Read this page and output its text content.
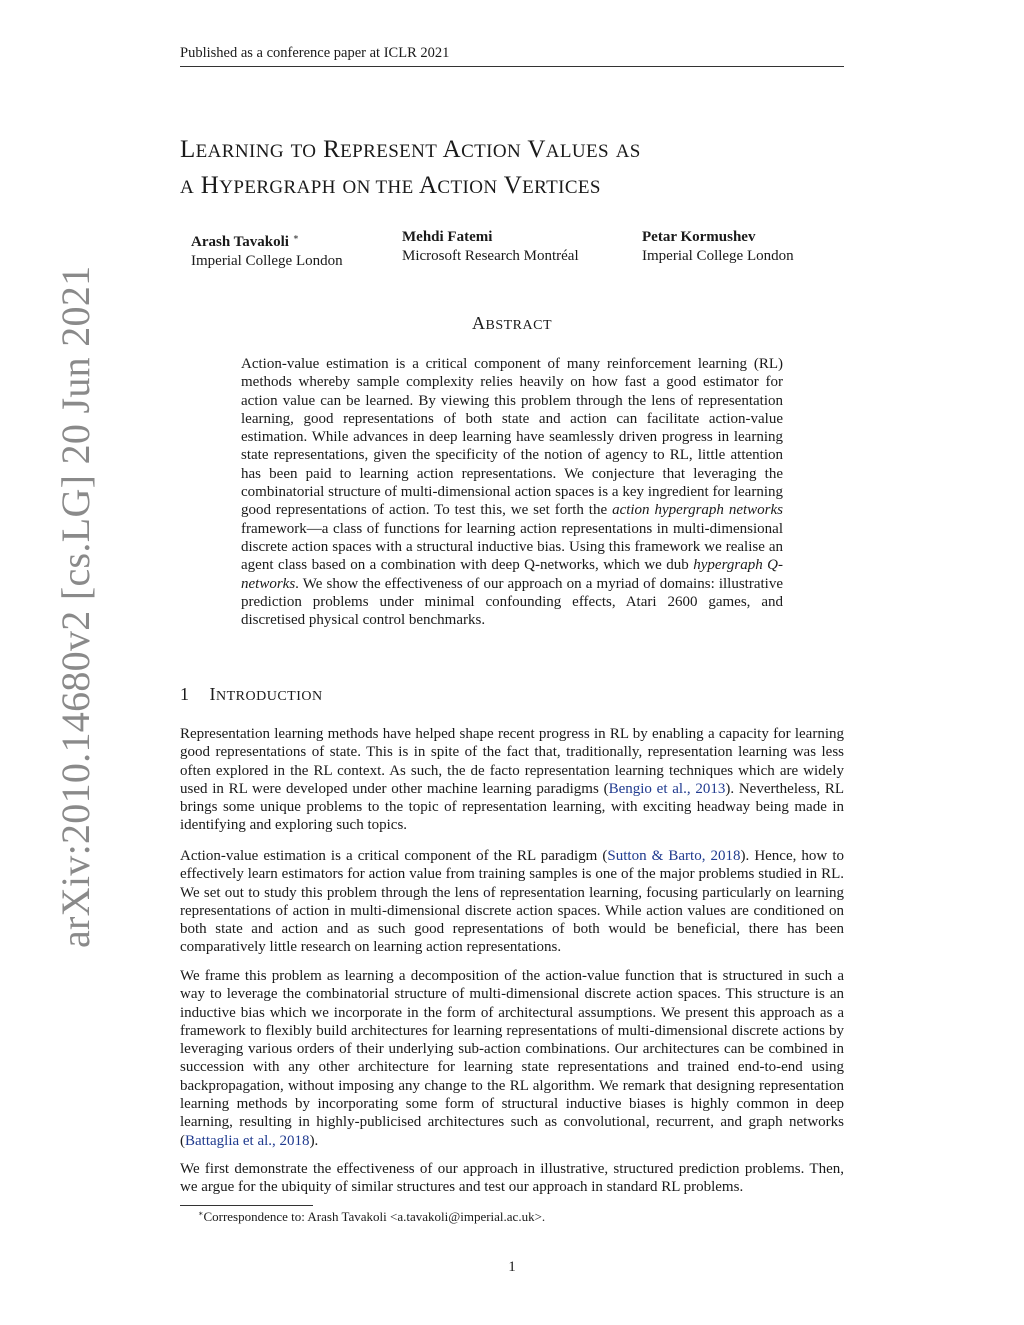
Published as a conference paper at ICLR 2021
arXiv:2010.14680v2 [cs.LG] 20 Jun 2021
LEARNING TO REPRESENT ACTION VALUES AS
A HYPERGRAPH ON THE ACTION VERTICES
Arash Tavakoli ∗
Imperial College London
Mehdi Fatemi
Microsoft Research Montréal
Petar Kormushev
Imperial College London
ABSTRACT
Action-value estimation is a critical component of many reinforcement learning (RL) methods whereby sample complexity relies heavily on how fast a good estimator for action value can be learned. By viewing this problem through the lens of representation learning, good representations of both state and action can facilitate action-value estimation. While advances in deep learning have seamlessly driven progress in learning state representations, given the specificity of the notion of agency to RL, little attention has been paid to learning action representations. We conjecture that leveraging the combinatorial structure of multi-dimensional action spaces is a key ingredient for learning good representations of action. To test this, we set forth the action hypergraph networks framework—a class of functions for learning action representations in multi-dimensional discrete action spaces with a structural inductive bias. Using this framework we realise an agent class based on a combination with deep Q-networks, which we dub hypergraph Q-networks. We show the effectiveness of our approach on a myriad of domains: illustrative prediction problems under minimal confounding effects, Atari 2600 games, and discretised physical control benchmarks.
1 INTRODUCTION
Representation learning methods have helped shape recent progress in RL by enabling a capacity for learning good representations of state. This is in spite of the fact that, traditionally, representation learning was less often explored in the RL context. As such, the de facto representation learning techniques which are widely used in RL were developed under other machine learning paradigms (Bengio et al., 2013). Nevertheless, RL brings some unique problems to the topic of representation learning, with exciting headway being made in identifying and exploring such topics.
Action-value estimation is a critical component of the RL paradigm (Sutton & Barto, 2018). Hence, how to effectively learn estimators for action value from training samples is one of the major problems studied in RL. We set out to study this problem through the lens of representation learning, focusing particularly on learning representations of action in multi-dimensional discrete action spaces. While action values are conditioned on both state and action and as such good representations of both would be beneficial, there has been comparatively little research on learning action representations.
We frame this problem as learning a decomposition of the action-value function that is structured in such a way to leverage the combinatorial structure of multi-dimensional discrete action spaces. This structure is an inductive bias which we incorporate in the form of architectural assumptions. We present this approach as a framework to flexibly build architectures for learning representations of multi-dimensional discrete actions by leveraging various orders of their underlying sub-action combinations. Our architectures can be combined in succession with any other architecture for learning state representations and trained end-to-end using backpropagation, without imposing any change to the RL algorithm. We remark that designing representation learning methods by incorporating some form of structural inductive biases is highly common in deep learning, resulting in highly-publicised architectures such as convolutional, recurrent, and graph networks (Battaglia et al., 2018).
We first demonstrate the effectiveness of our approach in illustrative, structured prediction problems. Then, we argue for the ubiquity of similar structures and test our approach in standard RL problems.
∗Correspondence to: Arash Tavakoli <a.tavakoli@imperial.ac.uk>.
1
